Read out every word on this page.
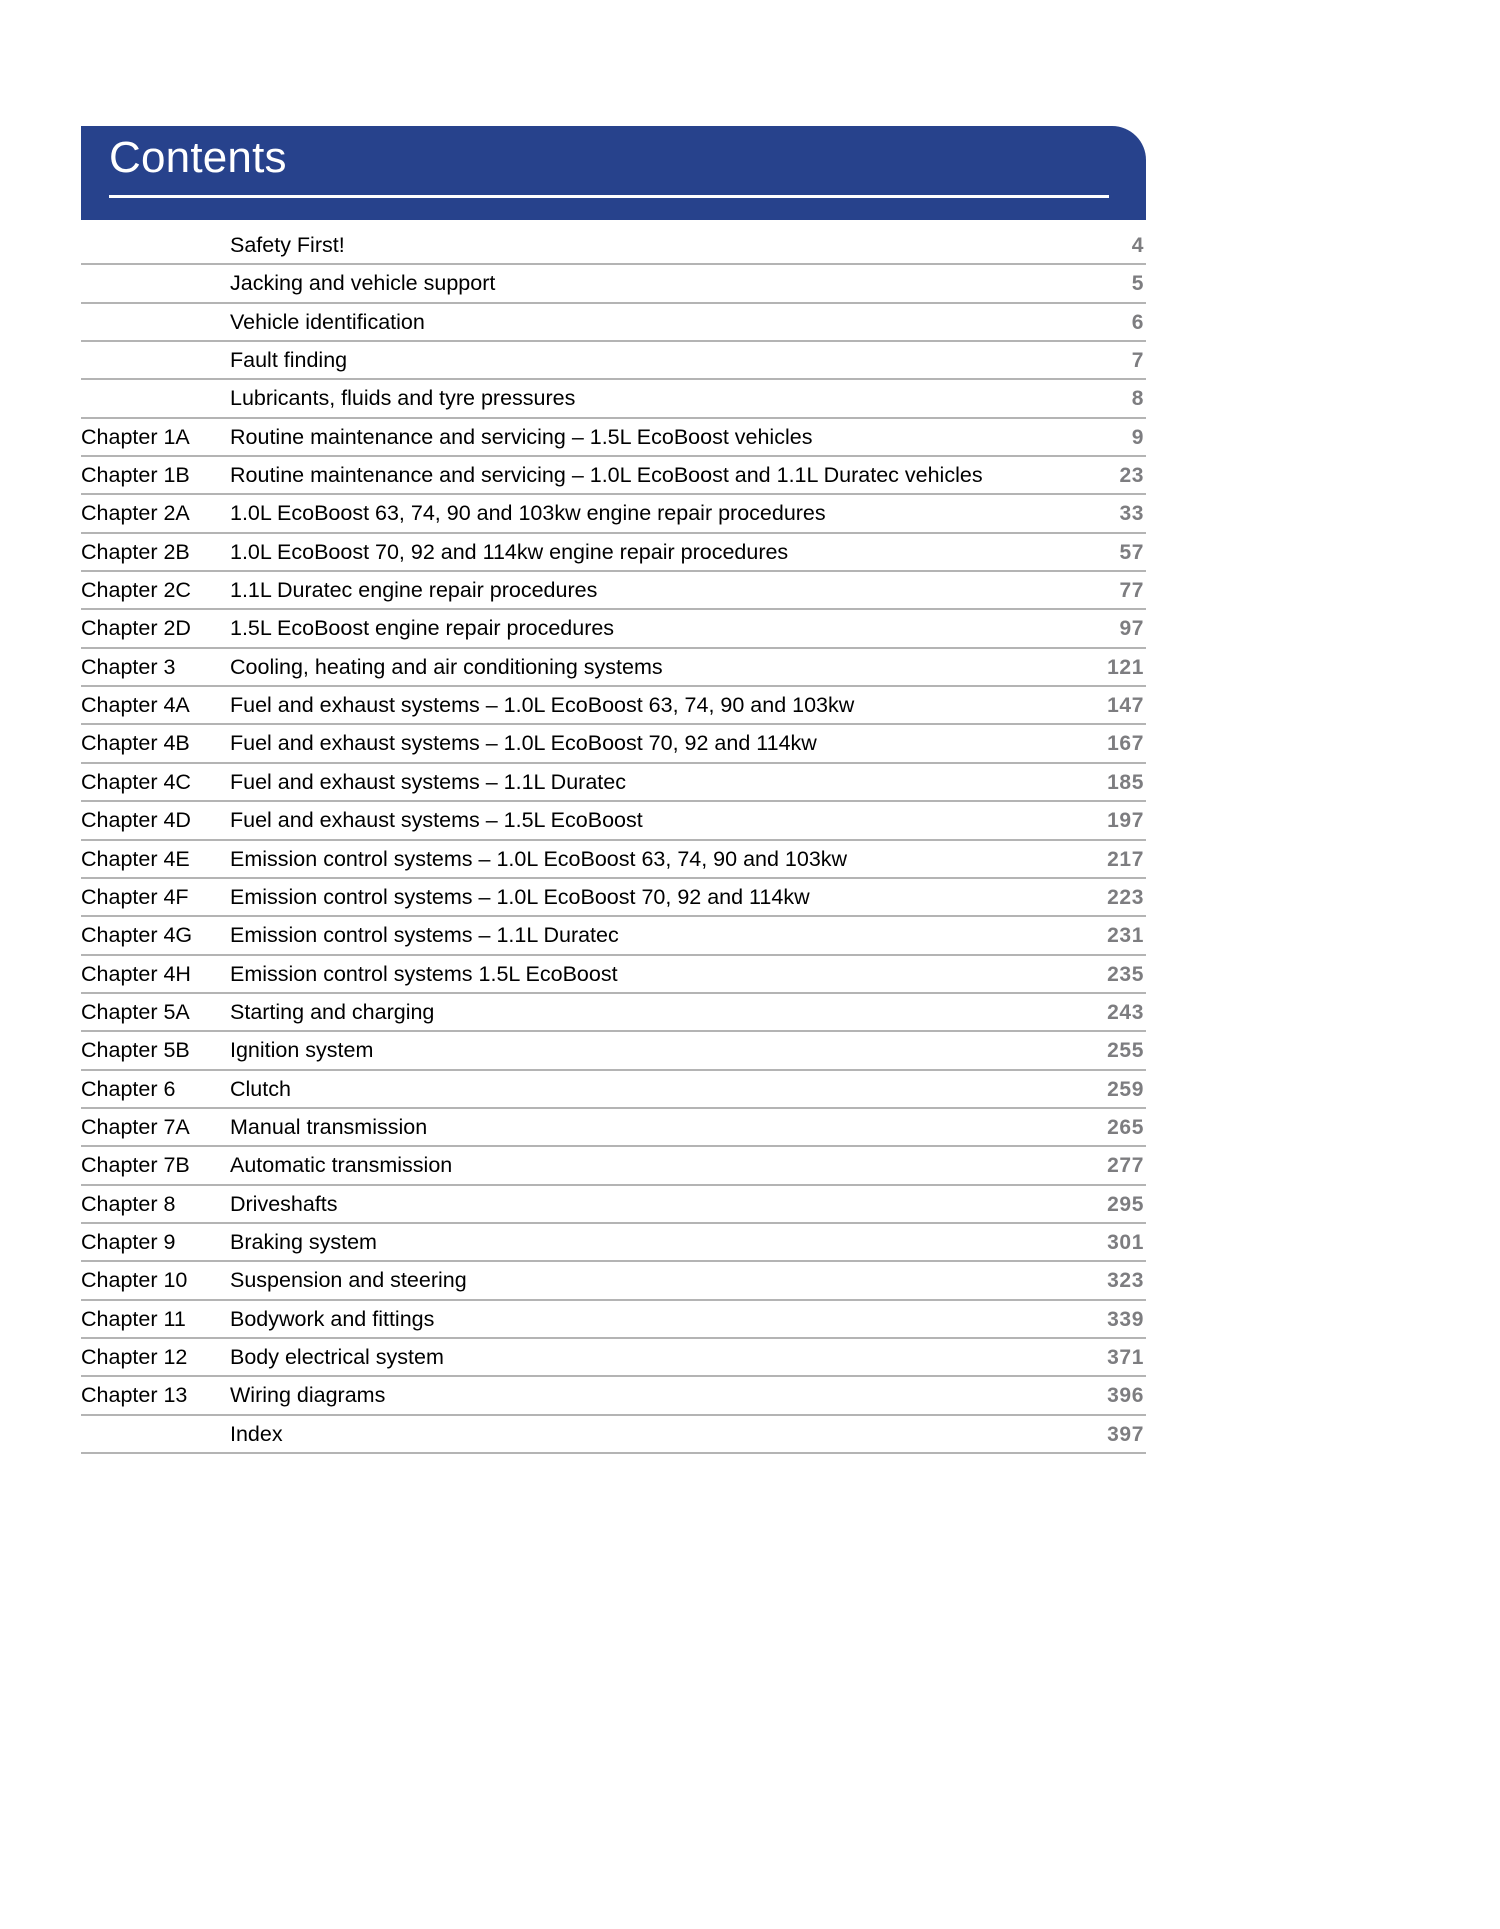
Contents
Safety First!	4
Jacking and vehicle support	5
Vehicle identification	6
Fault finding	7
Lubricants, fluids and tyre pressures	8
Chapter 1A	Routine maintenance and servicing – 1.5L EcoBoost vehicles	9
Chapter 1B	Routine maintenance and servicing – 1.0L EcoBoost and 1.1L Duratec vehicles	23
Chapter 2A	1.0L EcoBoost 63, 74, 90 and 103kw engine repair procedures	33
Chapter 2B	1.0L EcoBoost 70, 92 and 114kw engine repair procedures	57
Chapter 2C	1.1L Duratec engine repair procedures	77
Chapter 2D	1.5L EcoBoost engine repair procedures	97
Chapter 3	Cooling, heating and air conditioning systems	121
Chapter 4A	Fuel and exhaust systems – 1.0L EcoBoost 63, 74, 90 and 103kw	147
Chapter 4B	Fuel and exhaust systems – 1.0L EcoBoost 70, 92 and 114kw	167
Chapter 4C	Fuel and exhaust systems – 1.1L Duratec	185
Chapter 4D	Fuel and exhaust systems – 1.5L EcoBoost	197
Chapter 4E	Emission control systems – 1.0L EcoBoost 63, 74, 90 and 103kw	217
Chapter 4F	Emission control systems – 1.0L EcoBoost 70, 92 and 114kw	223
Chapter 4G	Emission control systems – 1.1L Duratec	231
Chapter 4H	Emission control systems 1.5L EcoBoost	235
Chapter 5A	Starting and charging	243
Chapter 5B	Ignition system	255
Chapter 6	Clutch	259
Chapter 7A	Manual transmission	265
Chapter 7B	Automatic transmission	277
Chapter 8	Driveshafts	295
Chapter 9	Braking system	301
Chapter 10	Suspension and steering	323
Chapter 11	Bodywork and fittings	339
Chapter 12	Body electrical system	371
Chapter 13	Wiring diagrams	396
Index	397
